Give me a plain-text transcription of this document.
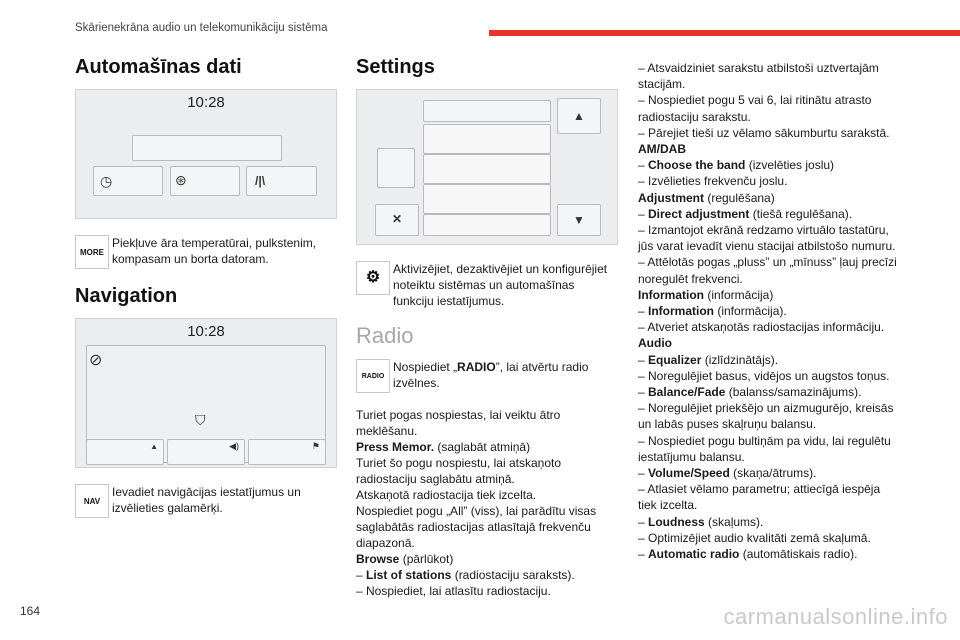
Skārienekrāna audio un telekomunikāciju sistēma
Automašīnas dati
10:28
◷	⊛	/|\
MORE
Piekļuve āra temperatūrai, pulkstenim, kompasam un borta datoram.
Navigation
10:28
⊘
⛉
▲	◀)	⚑
NAV
Ievadiet navigācijas iestatījumus un izvēlieties galamērķi.
Settings
▲
✕	▼
⚙	Aktivizējiet, dezaktivējiet un konfigurējiet noteiktu sistēmas un automašīnas funkciju iestatījumus.
Radio
RADIO
Nospiediet „RADIO”, lai atvērtu radio izvēlnes.

Turiet pogas nospiestas, lai veiktu ātro meklēšanu.

Press Memor. (saglabāt atmiņā)

Turiet šo pogu nospiestu, lai atskaņoto radiostaciju saglabātu atmiņā.

Atskaņotā radiostacija tiek izcelta.

Nospiediet pogu „All” (viss), lai parādītu visas saglabātās radiostacijas atlasītajā frekvenču diapazonā.

Browse (pārlūkot)

– List of stations (radiostaciju saraksts).

– Nospiediet, lai atlasītu radiostaciju.

– Atsvaidziniet sarakstu atbilstoši uztvertajām stacijām.

– Nospiediet pogu 5 vai 6, lai ritinātu atrasto radiostaciju sarakstu.

– Pārejiet tieši uz vēlamo sākumburtu sarakstā.

AM/DAB

– Choose the band (izvelēties joslu)

– Izvēlieties frekvenču joslu.

Adjustment (regulēšana)

– Direct adjustment (tiešā regulēšana).

– Izmantojot ekrānā redzamo virtuālo tastatūru, jūs varat ievadīt vienu stacijai atbilstošo numuru.

– Attēlotās pogas „pluss” un „mīnuss” ļauj precīzi noregulēt frekvenci.

Information (informācija)

– Information (informācija).

– Atveriet atskaņotās radiostacijas informāciju.

Audio

– Equalizer (izlīdzinātājs).

– Noregulējiet basus, vidējos un augstos toņus.

– Balance/Fade (balanss/samazinājums).

– Noregulējiet priekšējo un aizmugurējo, kreisās un labās puses skaļruņu balansu.

– Nospiediet pogu bultiņām pa vidu, lai regulētu iestatījumu balansu.

– Volume/Speed (skaņa/ātrums).

– Atlasiet vēlamo parametru; attiecīgā iespēja tiek izcelta.

– Loudness (skaļums).

– Optimizējiet audio kvalitāti zemā skaļumā.

– Automatic radio (automātiskais radio).

164	carmanualsonline.info
